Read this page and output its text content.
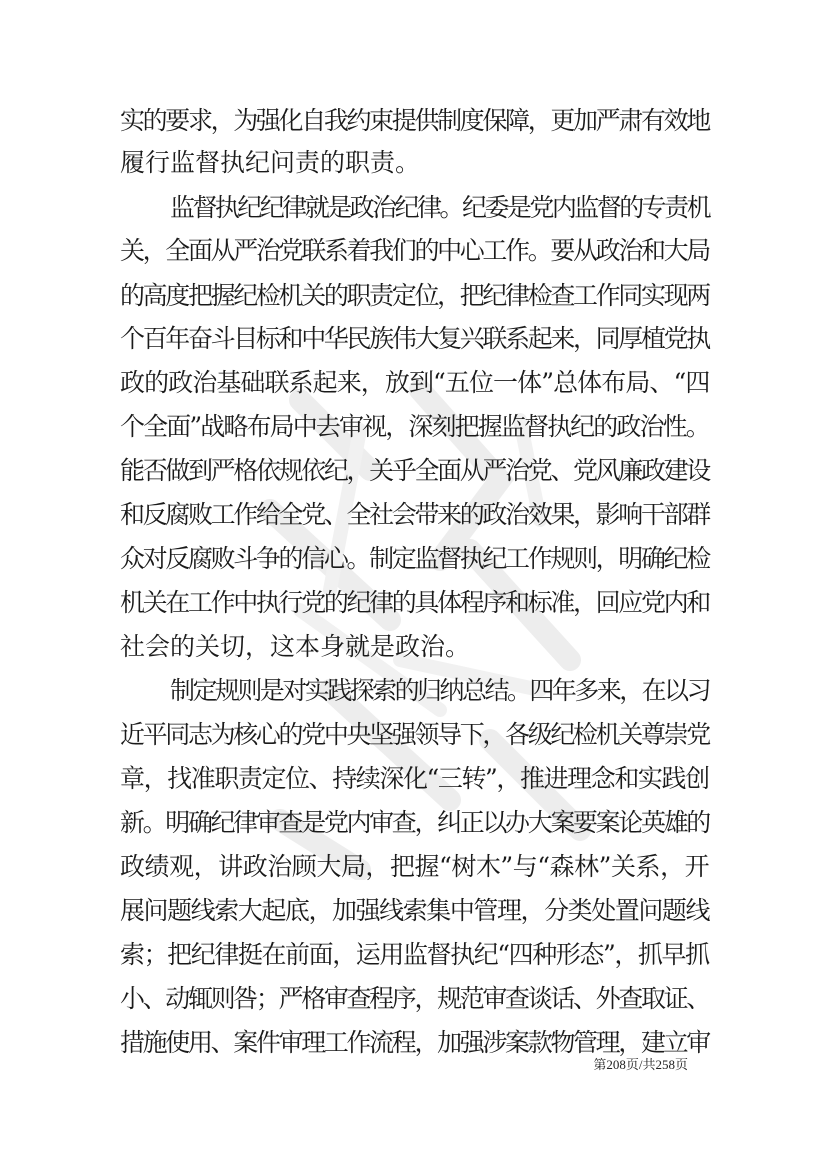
实的要求，为强化自我约束提供制度保障，更加严肃有效地
履行监督执纪问责的职责。
监督执纪纪律就是政治纪律。纪委是党内监督的专责机
关，全面从严治党联系着我们的中心工作。要从政治和大局
的高度把握纪检机关的职责定位，把纪律检查工作同实现两
个百年奋斗目标和中华民族伟大复兴联系起来，同厚植党执
政的政治基础联系起来，放到“五位一体”总体布局、“四
个全面”战略布局中去审视，深刻把握监督执纪的政治性。
能否做到严格依规依纪，关乎全面从严治党、党风廉政建设
和反腐败工作给全党、全社会带来的政治效果，影响干部群
众对反腐败斗争的信心。制定监督执纪工作规则，明确纪检
机关在工作中执行党的纪律的具体程序和标准，回应党内和
社会的关切，这本身就是政治。
制定规则是对实践探索的归纳总结。四年多来，在以习
近平同志为核心的党中央坚强领导下，各级纪检机关尊崇党
章，找准职责定位、持续深化“三转”，推进理念和实践创
新。明确纪律审查是党内审查，纠正以办大案要案论英雄的
政绩观，讲政治顾大局，把握“树木”与“森林”关系，开
展问题线索大起底，加强线索集中管理，分类处置问题线
索；把纪律挺在前面，运用监督执纪“四种形态”，抓早抓
小、动辄则咎；严格审查程序，规范审查谈话、外查取证、
措施使用、案件审理工作流程，加强涉案款物管理，建立审
第208页/共258页
